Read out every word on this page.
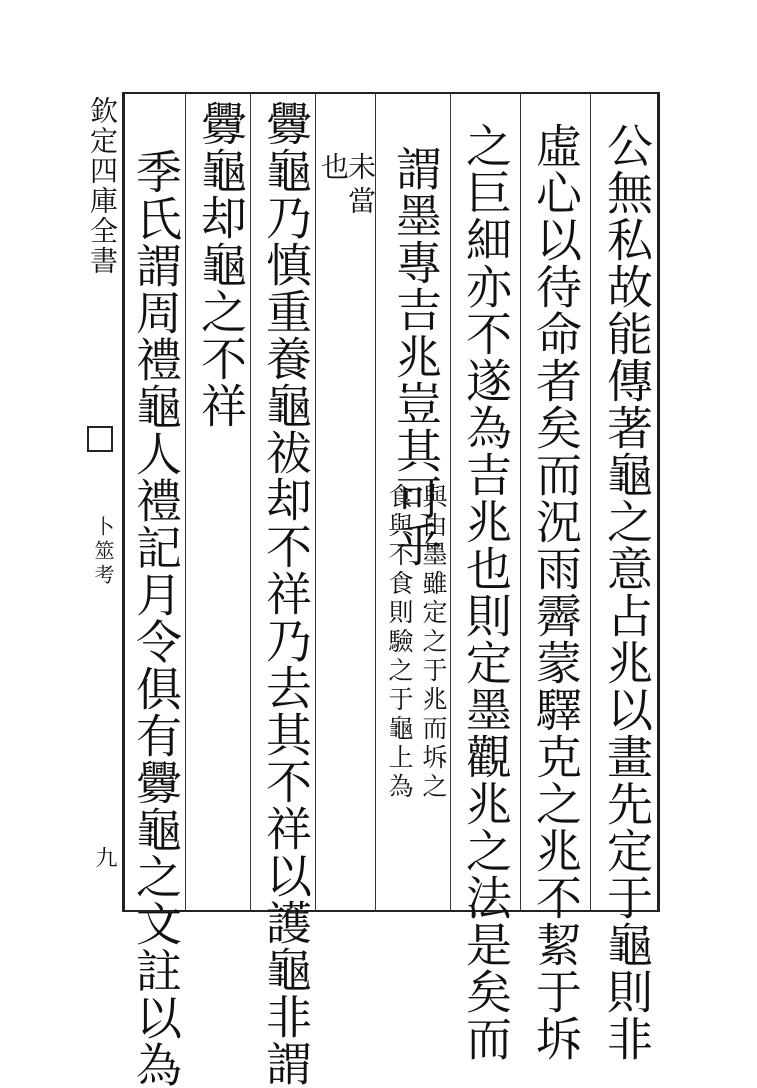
欽定四庫全書
卜筮考
九	公無私故能傳著龜之意占兆以畫先定于龜則非
虛心以待命者矣而況雨霽蒙驛克之兆不絜于坼
之巨細亦不遂為吉兆也則定墨觀兆之法是矣而
謂墨專吉兆豈其可乎
與由墨雖定之于兆而坼之
食與不食則驗之于龜上為
未當
也
釁龜乃慎重養龜祓却不祥乃去其不祥以護龜非謂
釁龜却龜之不祥
季氏謂周禮龜人禮記月令俱有釁龜之文註以為
